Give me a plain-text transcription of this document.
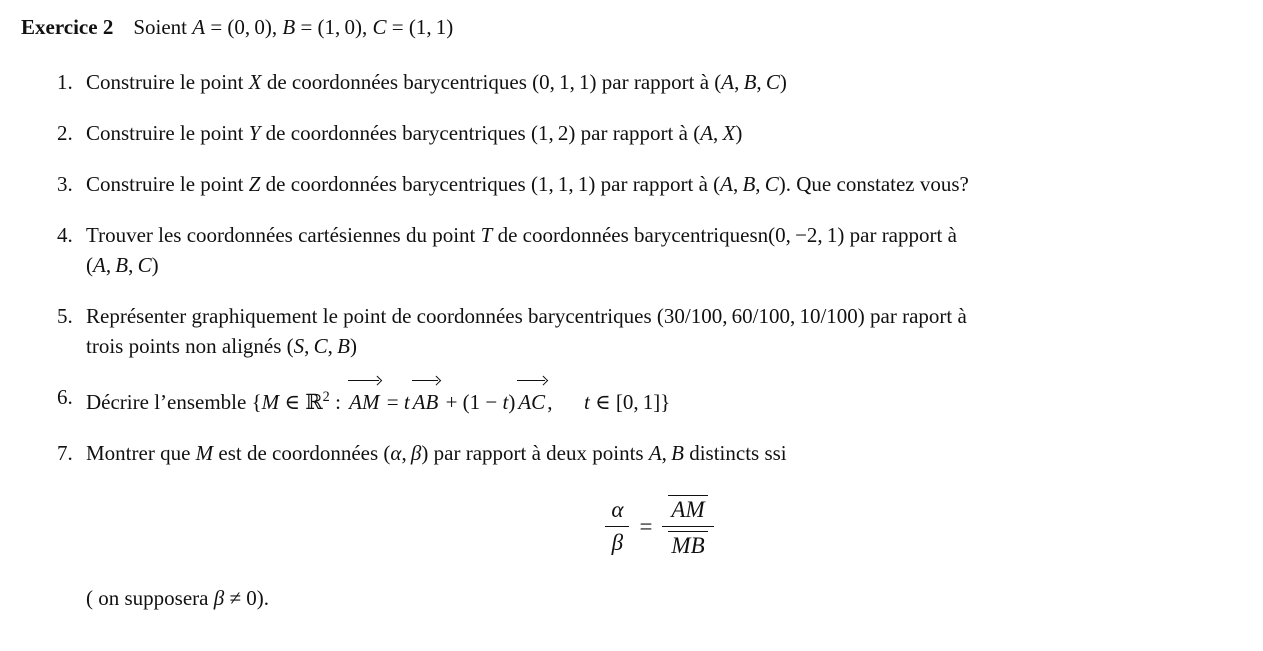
Exercice 2 Soient A = (0, 0), B = (1, 0), C = (1, 1)

1. Construire le point X de coordonnées barycentriques (0, 1, 1) par rapport à (A, B, C)
2. Construire le point Y de coordonnées barycentriques (1, 2) par rapport à (A, X)
3. Construire le point Z de coordonnées barycentriques (1, 1, 1) par rapport à (A, B, C). Que constatez vous?
4. Trouver les coordonnées cartésiennes du point T de coordonnées barycentriquesn(0, −2, 1) par rapport à
(A, B, C)
5. Représenter graphiquement le point de coordonnées barycentriques (30/100, 60/100, 10/100) par raport à
trois points non alignés (S, C, B)
6. Décrire l’ensemble {M ∈ ℝ$^2$ :
AM = t AB + (1 − t) AC,  t ∈ [0, 1]}
7. Montrer que M est de coordonnées (α, β) par rapport à deux points A, B distincts ssi
$\frac{\alpha}{\beta} = \frac{AM}{MB}$

( on supposera β ≠ 0).
